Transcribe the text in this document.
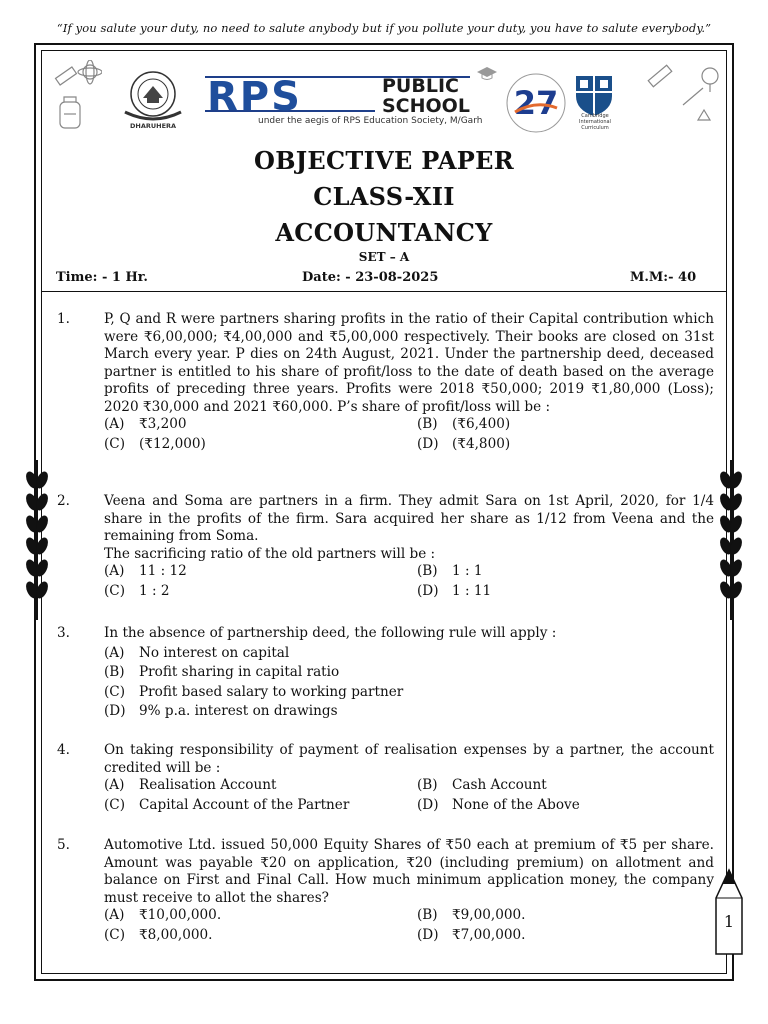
“If you salute your duty, no need to salute anybody but if you pollute your duty, you have to salute everybody.”
DHARUHERA
RPS	PUBLIC
SCHOOL
under the aegis of RPS Education Society, M/Garh 27	Cambridge International Curriculum
OBJECTIVE PAPER
CLASS-XII
ACCOUNTANCY
SET – A
Time: - 1 Hr.	Date: - 23-08-2025	M.M:- 40
1.	P, Q and R were partners sharing profits in the ratio of their Capital contribution which were ₹6,00,000; ₹4,00,000 and ₹5,00,000 respectively. Their books are closed on 31st March every year. P dies on 24th August, 2021. Under the partnership deed, deceased partner is entitled to his share of profit/loss to the date of death based on the average profits of preceding three years. Profits were 2018 ₹50,000; 2019 ₹1,80,000 (Loss); 2020 ₹30,000 and 2021 ₹60,000. P’s share of profit/loss will be :
(A) ₹3,200	(B) (₹6,400)
(C) (₹12,000)	(D) (₹4,800)
2.	Veena and Soma are partners in a firm. They admit Sara on 1st April, 2020, for 1/4 share in the profits of the firm. Sara acquired her share as 1/12 from Veena and the remaining from Soma.
The sacrificing ratio of the old partners will be :
(A) 11 : 12	(B) 1 : 1
(C) 1 : 2	(D) 1 : 11
3.	In the absence of partnership deed, the following rule will apply :
(A) No interest on capital
(B) Profit sharing in capital ratio
(C) Profit based salary to working partner
(D) 9% p.a. interest on drawings
4.	On taking responsibility of payment of realisation expenses by a partner, the account credited will be :
(A) Realisation Account	(B) Cash Account
(C) Capital Account of the Partner	(D) None of the Above
5.	Automotive Ltd. issued 50,000 Equity Shares of ₹50 each at premium of ₹5 per share. Amount was payable ₹20 on application, ₹20 (including premium) on allotment and balance on First and Final Call. How much minimum application money, the company must receive to allot the shares?
(A) ₹10,00,000.	(B) ₹9,00,000.
(C) ₹8,00,000.	(D) ₹7,00,000.
1
